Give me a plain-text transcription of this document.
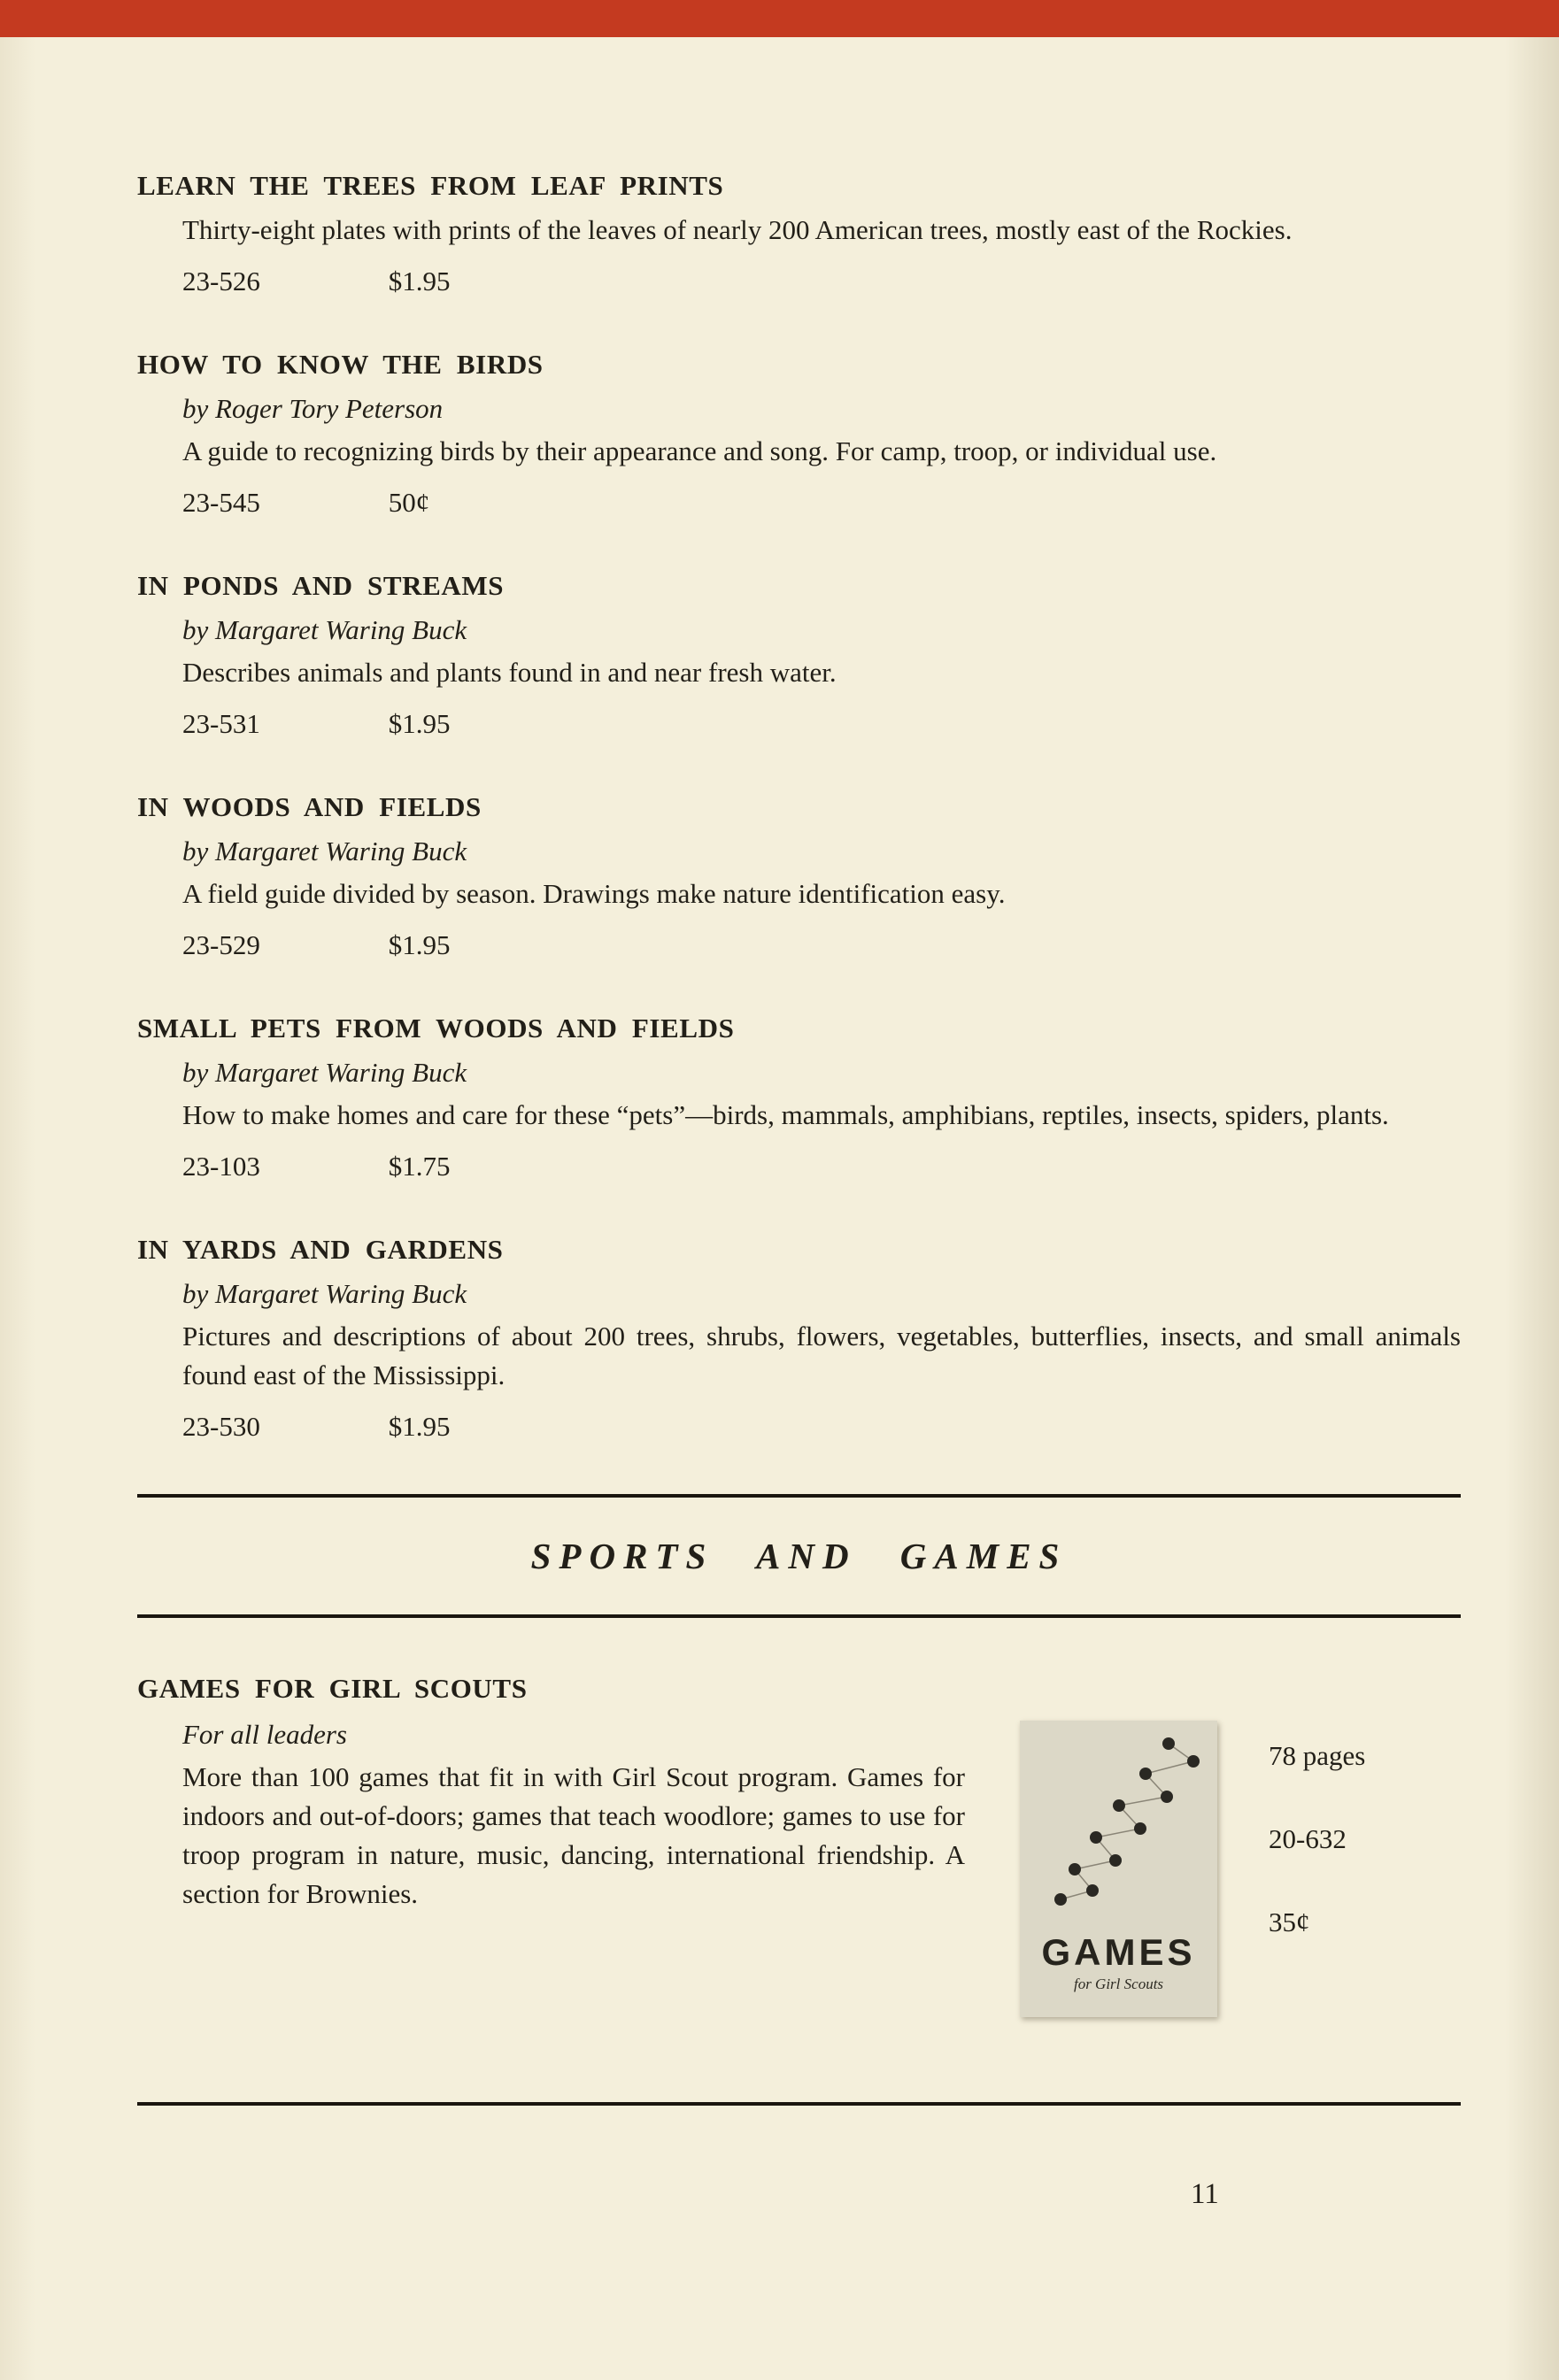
LEARN THE TREES FROM LEAF PRINTS
Thirty-eight plates with prints of the leaves of nearly 200 American trees, mostly east of the Rockies.
23-526	$1.95
HOW TO KNOW THE BIRDS
by Roger Tory Peterson
A guide to recognizing birds by their appearance and song. For camp, troop, or individual use.
23-545	50¢
IN PONDS AND STREAMS
by Margaret Waring Buck
Describes animals and plants found in and near fresh water.
23-531	$1.95
IN WOODS AND FIELDS
by Margaret Waring Buck
A field guide divided by season. Drawings make nature identification easy.
23-529	$1.95
SMALL PETS FROM WOODS AND FIELDS
by Margaret Waring Buck
How to make homes and care for these “pets”—birds, mammals, amphibians, reptiles, insects, spiders, plants.
23-103	$1.75
IN YARDS AND GARDENS
by Margaret Waring Buck
Pictures and descriptions of about 200 trees, shrubs, flowers, vegetables, butterflies, insects, and small animals found east of the Mississippi.
23-530	$1.95
SPORTS AND GAMES
GAMES FOR GIRL SCOUTS
For all leaders
More than 100 games that fit in with Girl Scout program. Games for indoors and out-of-doors; games that teach woodlore; games to use for troop program in nature, music, dancing, international friendship. A section for Brownies.
GAMES
for Girl Scouts
78 pages
20-632
35¢
11
